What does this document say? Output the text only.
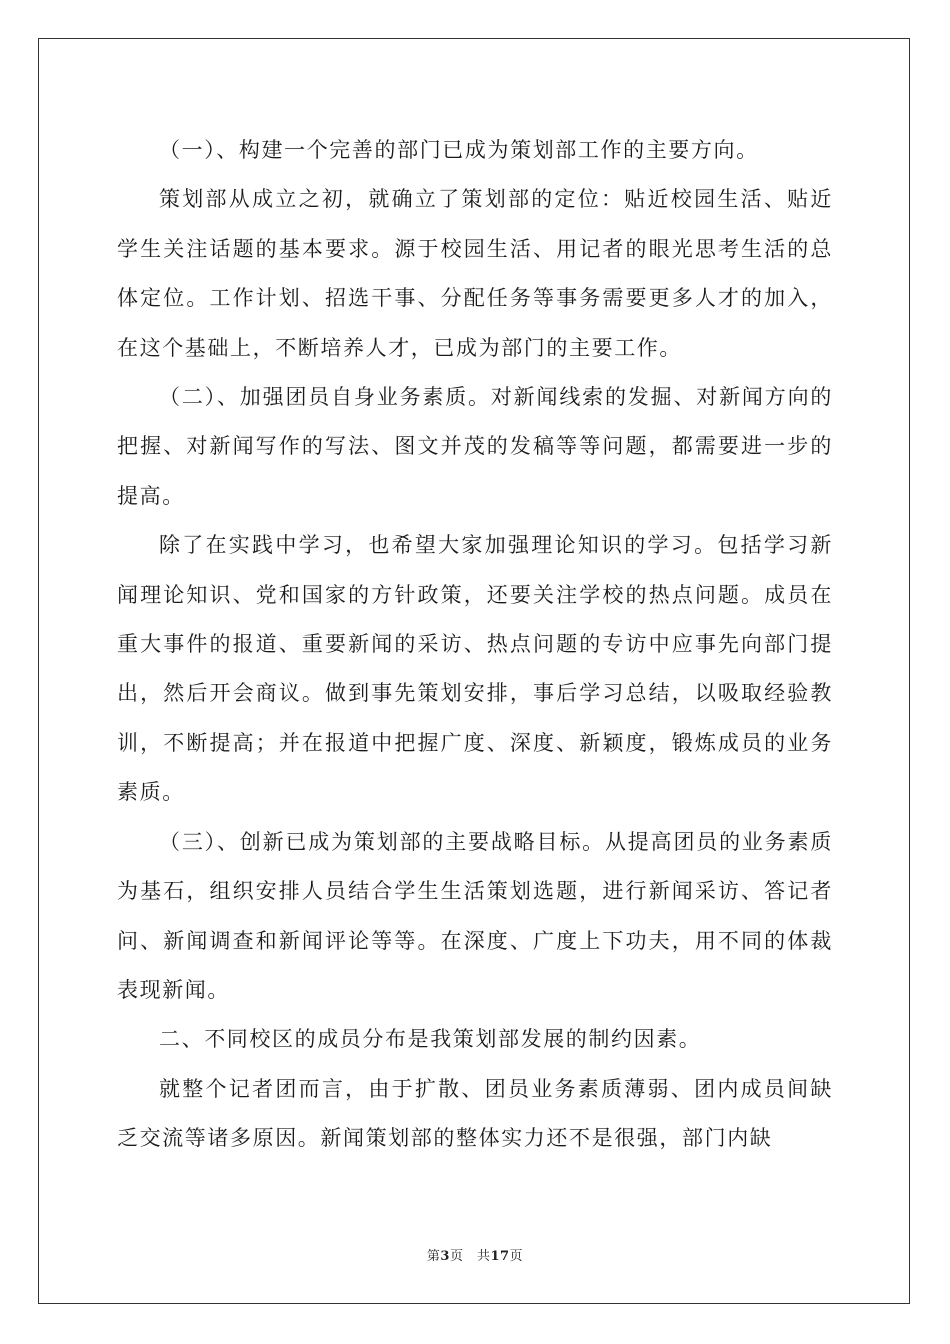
（一）、构建一个完善的部门已成为策划部工作的主要方向。

策划部从成立之初，就确立了策划部的定位：贴近校园生活、贴近学生关注话题的基本要求。源于校园生活、用记者的眼光思考生活的总体定位。工作计划、招选干事、分配任务等事务需要更多人才的加入，在这个基础上，不断培养人才，已成为部门的主要工作。

（二）、加强团员自身业务素质。对新闻线索的发掘、对新闻方向的把握、对新闻写作的写法、图文并茂的发稿等等问题，都需要进一步的提高。

除了在实践中学习，也希望大家加强理论知识的学习。包括学习新闻理论知识、党和国家的方针政策，还要关注学校的热点问题。成员在重大事件的报道、重要新闻的采访、热点问题的专访中应事先向部门提出，然后开会商议。做到事先策划安排，事后学习总结，以吸取经验教训，不断提高；并在报道中把握广度、深度、新颖度，锻炼成员的业务素质。

（三）、创新已成为策划部的主要战略目标。从提高团员的业务素质为基石，组织安排人员结合学生生活策划选题，进行新闻采访、答记者问、新闻调查和新闻评论等等。在深度、广度上下功夫，用不同的体裁表现新闻。

二、不同校区的成员分布是我策划部发展的制约因素。

就整个记者团而言，由于扩散、团员业务素质薄弱、团内成员间缺乏交流等诸多原因。新闻策划部的整体实力还不是很强，部门内缺

第3页　共17页
